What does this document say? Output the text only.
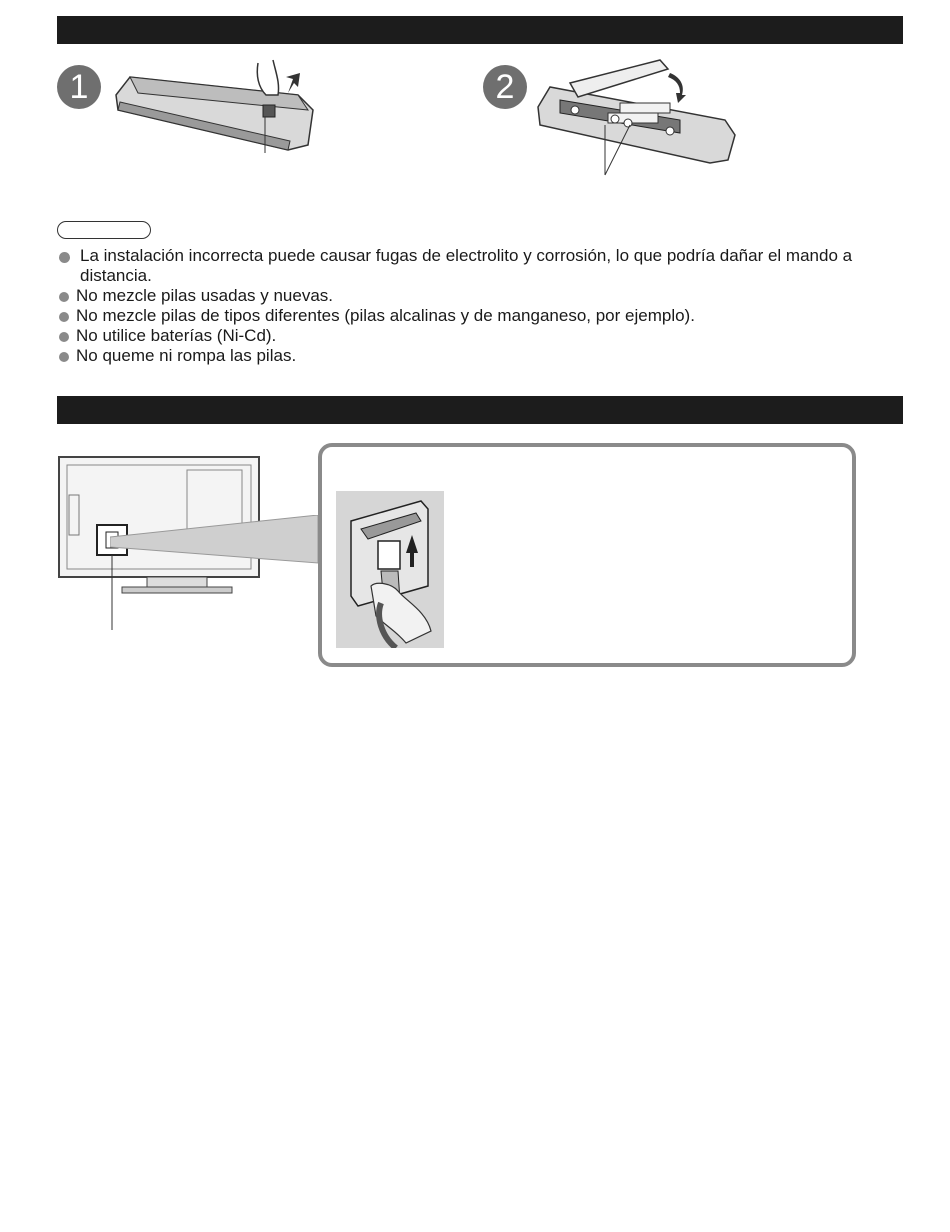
1	2
La instalación incorrecta puede causar fugas de electrolito y corrosión, lo que podría dañar el mando a distancia.
No mezcle pilas usadas y nuevas.
No mezcle pilas de tipos diferentes (pilas alcalinas y de manganeso, por ejemplo).
No utilice baterías (Ni-Cd).
No queme ni rompa las pilas.
